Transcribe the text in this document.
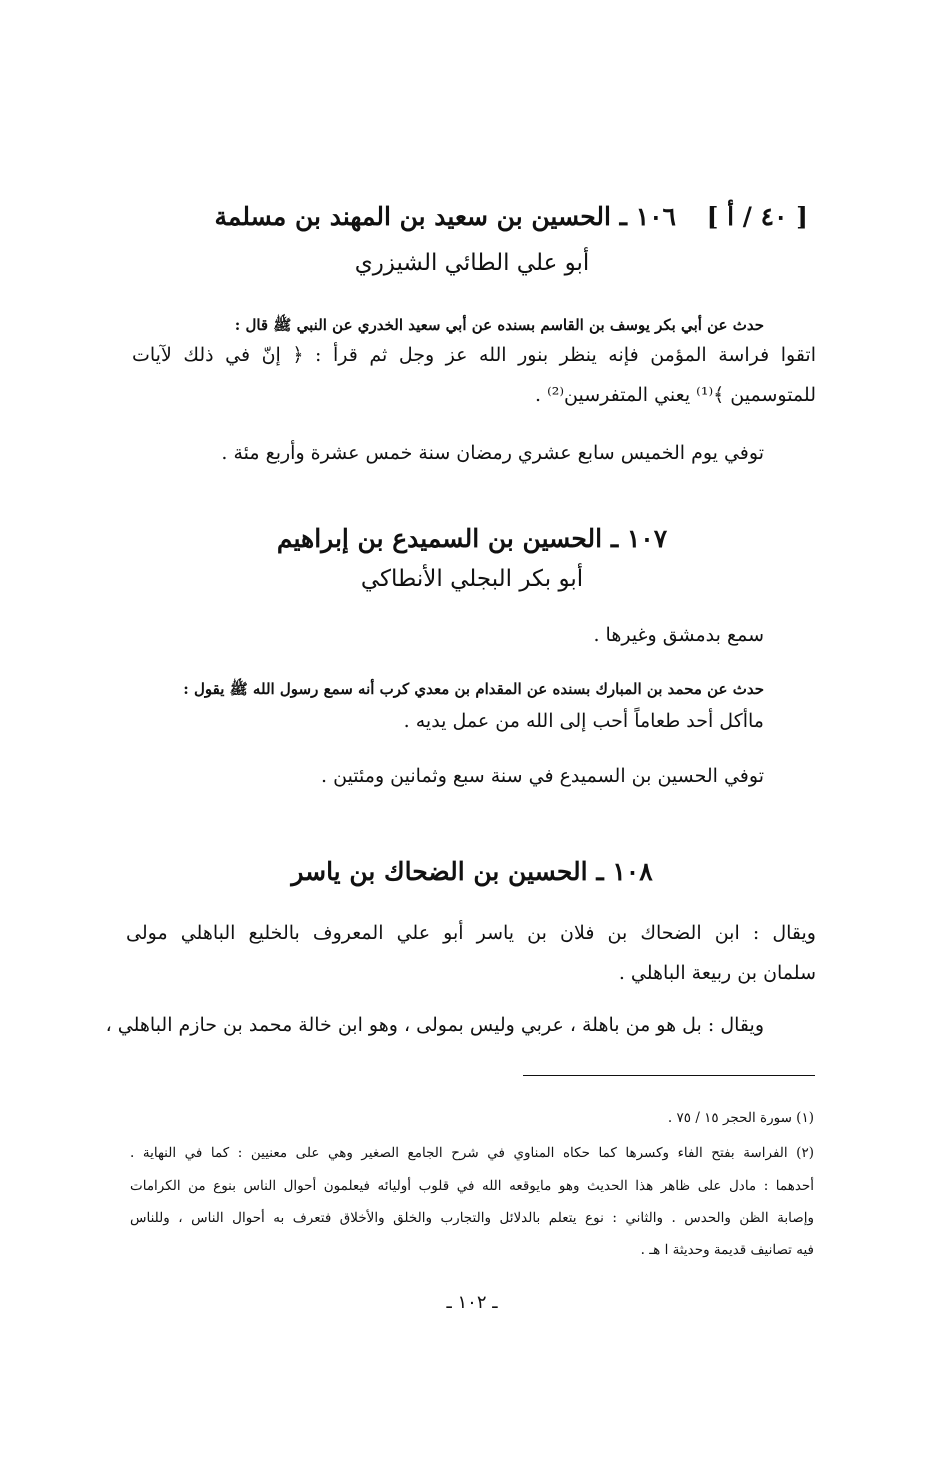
[ ٤٠ / أ ]
١٠٦ ـ الحسين بن سعيد بن المهند بن مسلمة
أبو علي الطائي الشيزري
حدث عن أبي بكر يوسف بن القاسم بسنده عن أبي سعيد الخدري عن النبي ﷺ قال :
اتقوا فراسة المؤمن فإنه ينظر بنور الله عز وجل ثم قرأ : ﴿ إنّ في ذلك لآيات
للمتوسمين ﴾⁽¹⁾ يعني المتفرسين⁽²⁾ .
توفي يوم الخميس سابع عشري رمضان سنة خمس عشرة وأربع مئة .
١٠٧ ـ الحسين بن السميدع بن إبراهيم
أبو بكر البجلي الأنطاكي
سمع بدمشق وغيرها .
حدث عن محمد بن المبارك بسنده عن المقدام بن معدي كرب أنه سمع رسول الله ﷺ يقول :
ماأكل أحد طعاماً أحب إلى الله من عمل يديه .
توفي الحسين بن السميدع في سنة سبع وثمانين ومئتين .
١٠٨ ـ الحسين بن الضحاك بن ياسر
ويقال : ابن الضحاك بن فلان بن ياسر أبو علي المعروف بالخليع الباهلي مولى
سلمان بن ربيعة الباهلي .
ويقال : بل هو من باهلة ، عربي وليس بمولى ، وهو ابن خالة محمد بن حازم الباهلي ،
(١) سورة الحجر ١٥ / ٧٥ .
(٢) الفراسة بفتح الفاء وكسرها كما حكاه المناوي في شرح الجامع الصغير وهي على معنيين : كما في النهاية .
أحدهما : مادل على ظاهر هذا الحديث وهو مايوقعه الله في قلوب أوليائه فيعلمون أحوال الناس بنوع من الكرامات
وإصابة الظن والحدس . والثاني : نوع يتعلم بالدلائل والتجارب والخلق والأخلاق فتعرف به أحوال الناس ، وللناس
فيه تصانيف قديمة وحديثة ا هـ .
ـ ١٠٢ ـ
